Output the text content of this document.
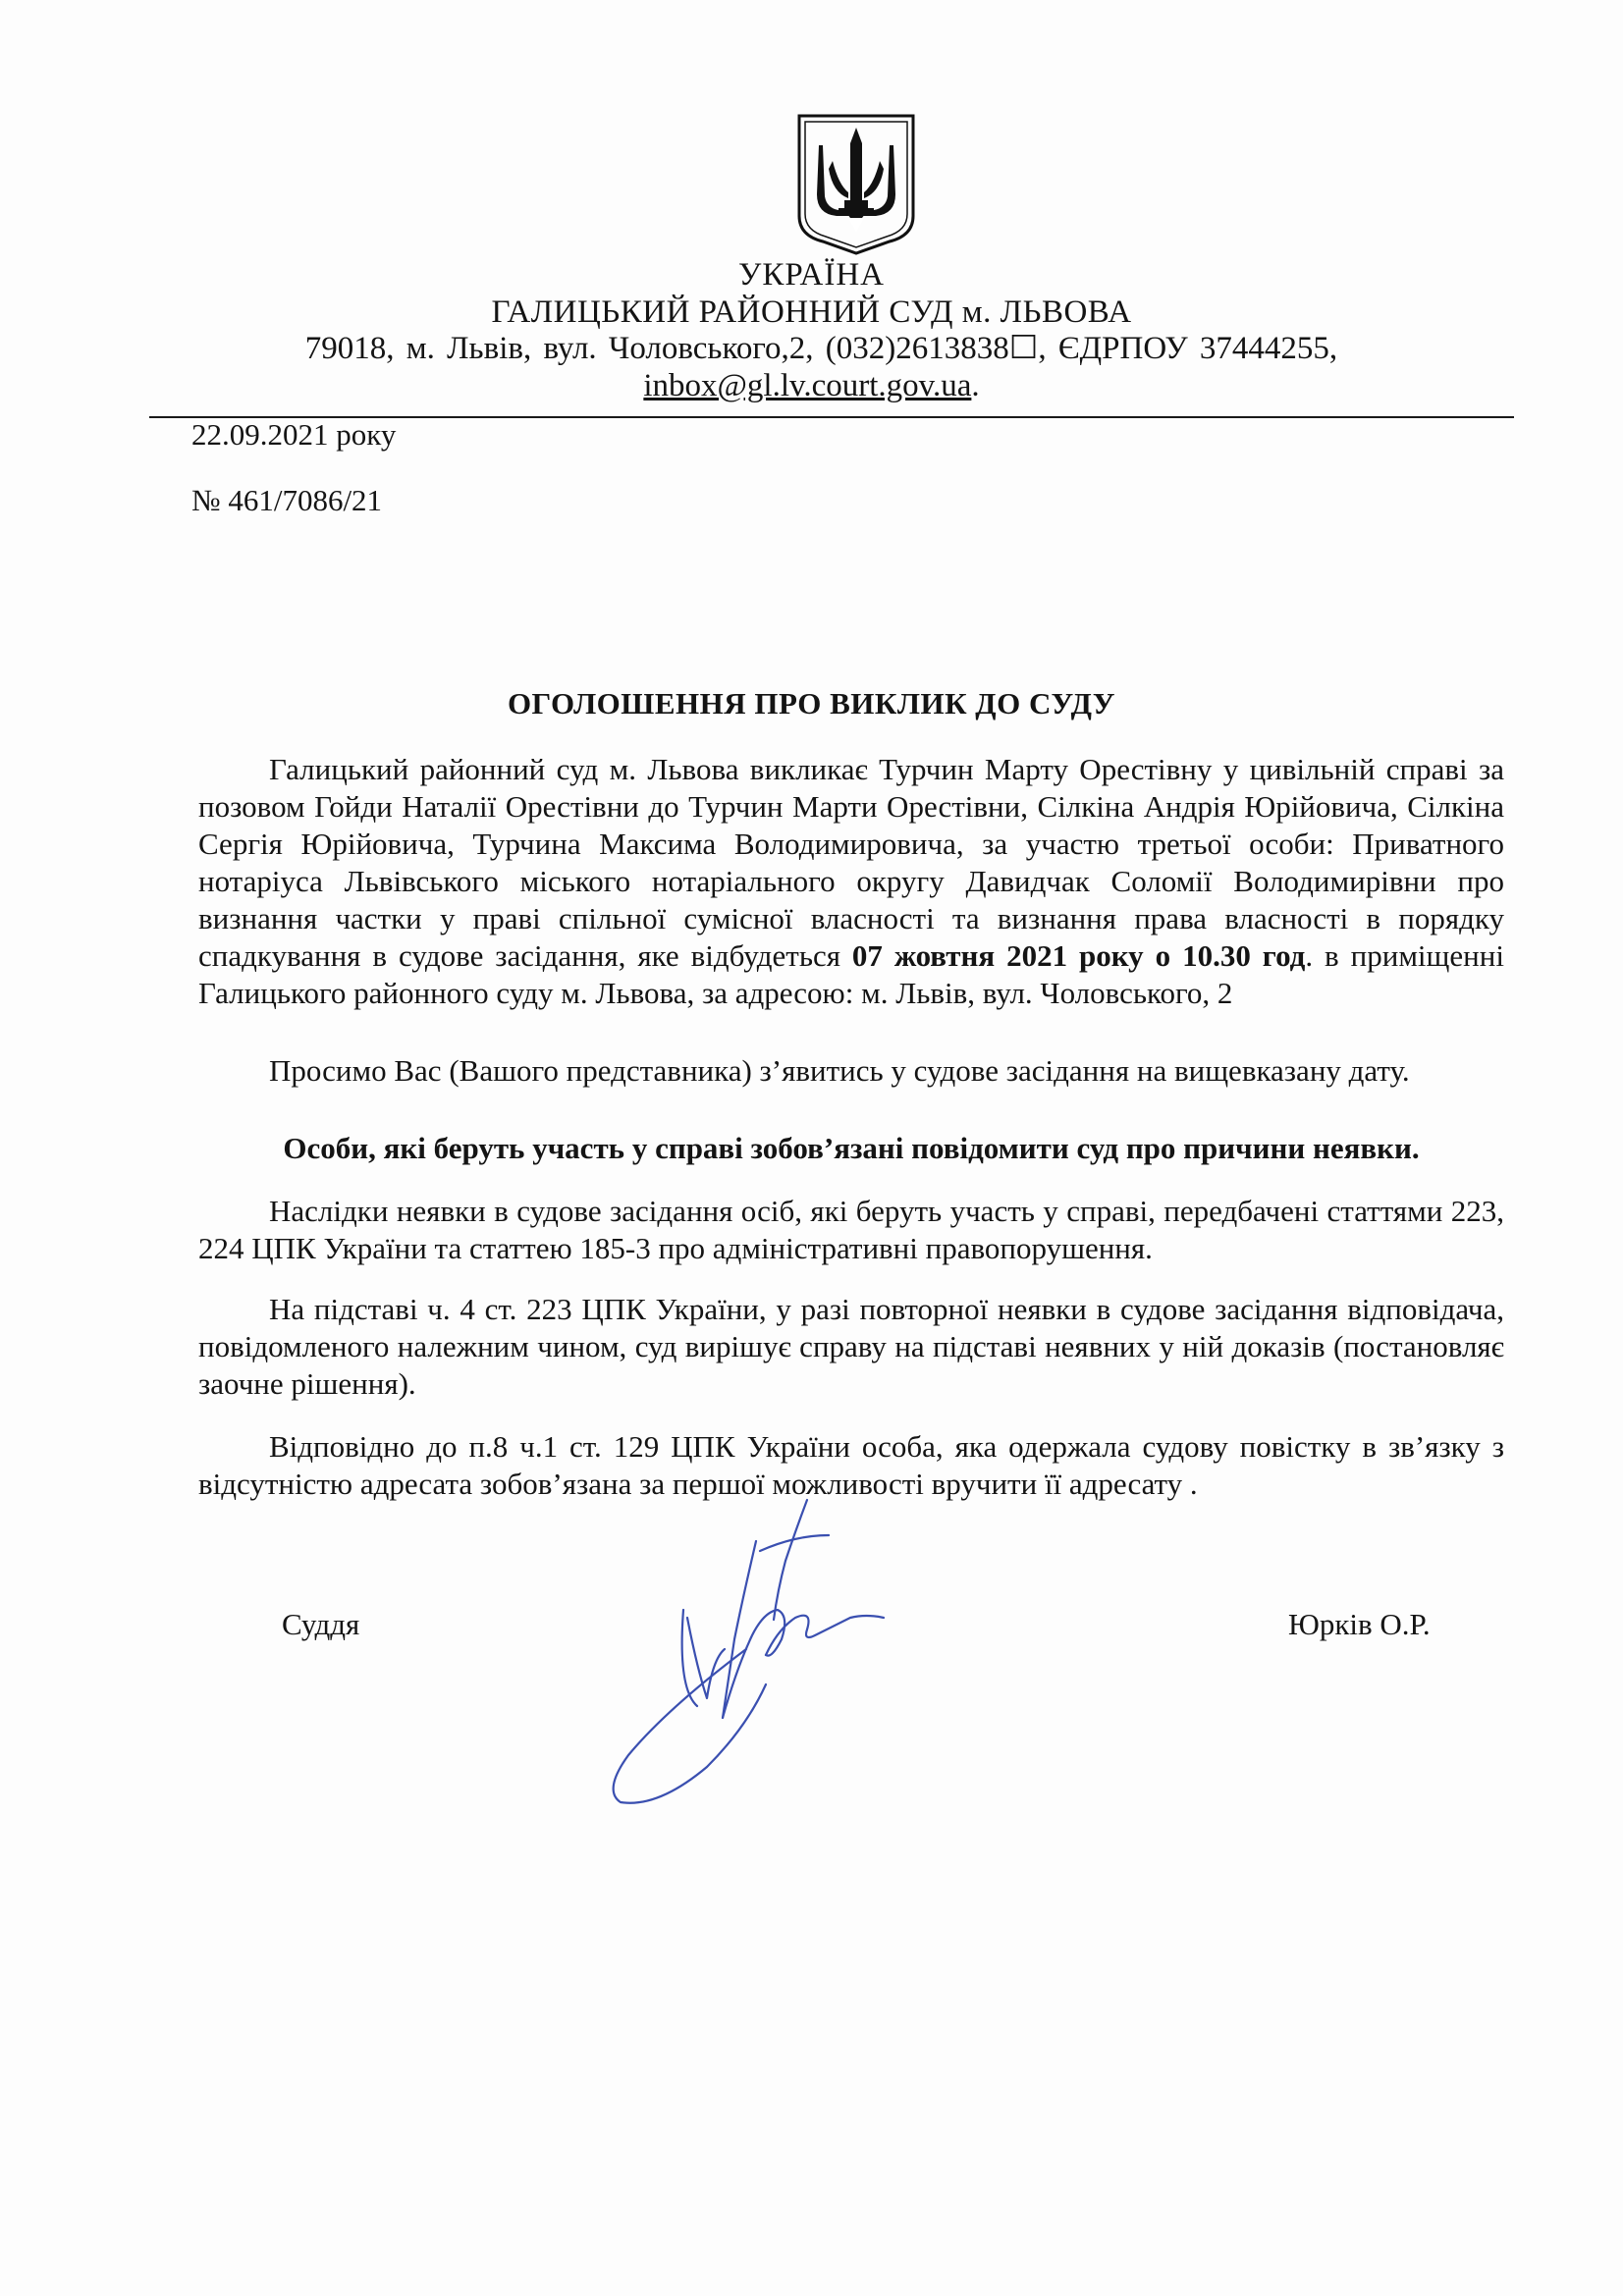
УКРАЇНА
ГАЛИЦЬКИЙ РАЙОННИЙ СУД м. ЛЬВОВА
79018, м. Львів, вул. Чоловського,2, (032)2613838☐, ЄДРПОУ 37444255,
inbox@gl.lv.court.gov.ua.
22.09.2021 року
№ 461/7086/21
ОГОЛОШЕННЯ ПРО ВИКЛИК ДО СУДУ
Галицький районний суд м. Львова викликає Турчин Марту Орестівну у цивільній справі за позовом Гойди Наталії Орестівни до Турчин Марти Орестівни, Сілкіна Андрія Юрійовича, Сілкіна Сергія Юрійовича, Турчина Максима Володимировича, за участю третьої особи: Приватного нотаріуса Львівського міського нотаріального округу Давидчак Соломії Володимирівни про визнання частки у праві спільної сумісної власності та визнання права власності в порядку спадкування в судове засідання, яке відбудеться 07 жовтня 2021 року о 10.30 год. в приміщенні Галицького районного суду м. Львова, за адресою: м. Львів, вул. Чоловського, 2
Просимо Вас (Вашого представника) з’явитись у судове засідання на вищевказану дату.
Особи, які беруть участь у справі зобов’язані повідомити суд про причини неявки.
Наслідки неявки в судове засідання осіб, які беруть участь у справі, передбачені статтями 223, 224 ЦПК України та статтею 185-3 про адміністративні правопорушення.
На підставі ч. 4 ст. 223 ЦПК України, у разі повторної неявки в судове засідання відповідача, повідомленого належним чином, суд вирішує справу на підставі неявних у ній доказів (постановляє заочне рішення).
Відповідно до п.8 ч.1 ст. 129 ЦПК України особа, яка одержала судову повістку в зв’язку з відсутністю адресата зобов’язана за першої можливості вручити її адресату .
Суддя	Юрків О.Р.
